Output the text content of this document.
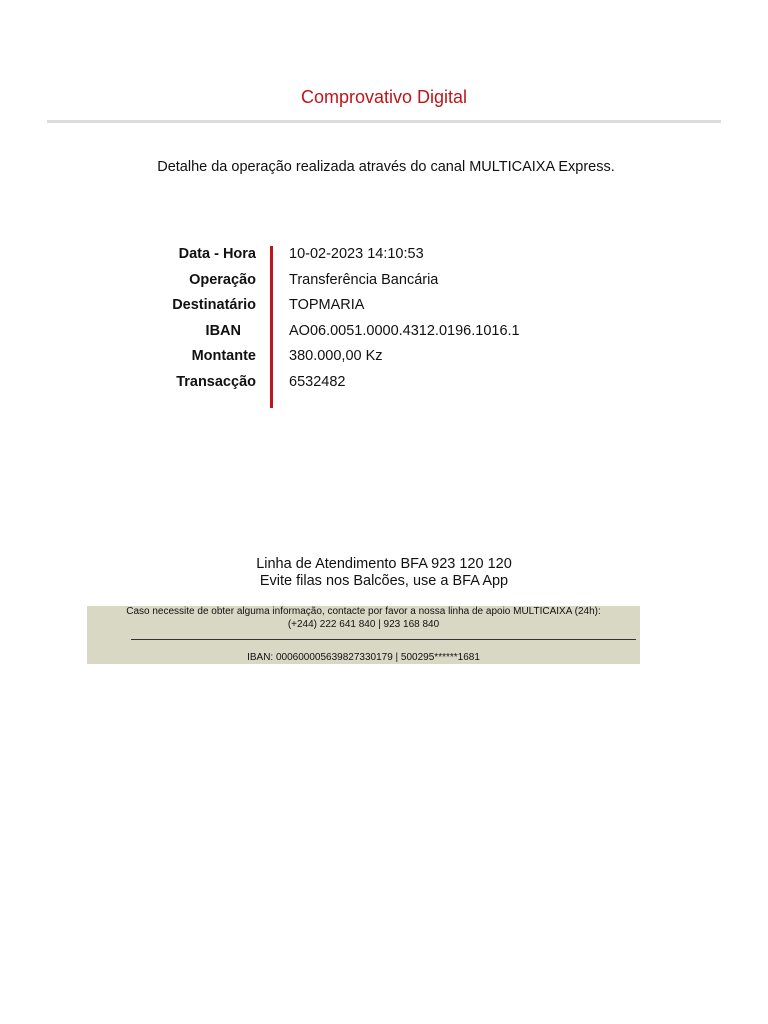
Comprovativo Digital
Detalhe da operação realizada através do canal MULTICAIXA Express.
Data - Hora 10-02-2023 14:10:53
Operação Transferência Bancária
Destinatário TOPMARIA
IBAN	AO06.0051.0000.4312.0196.1016.1
Montante 380.000,00 Kz
Transacção 6532482
Linha de Atendimento BFA 923 120 120
Evite filas nos Balcões, use a BFA App
Caso necessite de obter alguma informação, contacte por favor a nossa linha de apoio MULTICAIXA (24h):
(+244) 222 641 840 | 923 168 840
IBAN: 000600005639827330179 | 500295******1681
